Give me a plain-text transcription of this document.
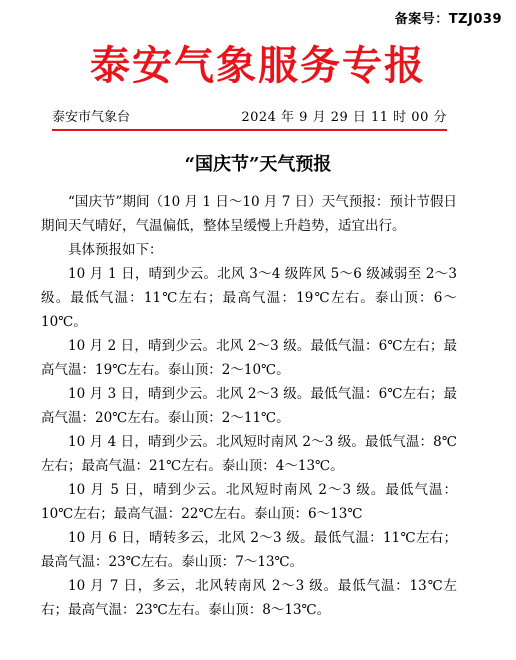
备案号：TZJ039
泰安气象服务专报
泰安市气象台	2024 年 9 月 29 日 11 时 00 分
“国庆节”天气预报

“国庆节”期间（10 月 1 日～10 月 7 日）天气预报：预计节假日期间天气晴好，气温偏低，整体呈缓慢上升趋势，适宜出行。

具体预报如下：

10 月 1 日，晴到少云。北风 3～4 级阵风 5～6 级减弱至 2～3 级。最低气温：11℃左右；最高气温：19℃左右。泰山顶：6～10℃。

10 月 2 日，晴到少云。北风 2～3 级。最低气温：6℃左右；最高气温：19℃左右。泰山顶：2～10℃。

10 月 3 日，晴到少云。北风 2～3 级。最低气温：6℃左右；最高气温：20℃左右。泰山顶：2～11℃。

10 月 4 日，晴到少云。北风短时南风 2～3 级。最低气温：8℃左右；最高气温：21℃左右。泰山顶：4～13℃。

10 月 5 日，晴到少云。北风短时南风 2～3 级。最低气温：10℃左右；最高气温：22℃左右。泰山顶：6～13℃

10 月 6 日，晴转多云，北风 2～3 级。最低气温：11℃左右；最高气温：23℃左右。泰山顶：7～13℃。

10 月 7 日，多云，北风转南风 2～3 级。最低气温：13℃左右；最高气温：23℃左右。泰山顶：8～13℃。
